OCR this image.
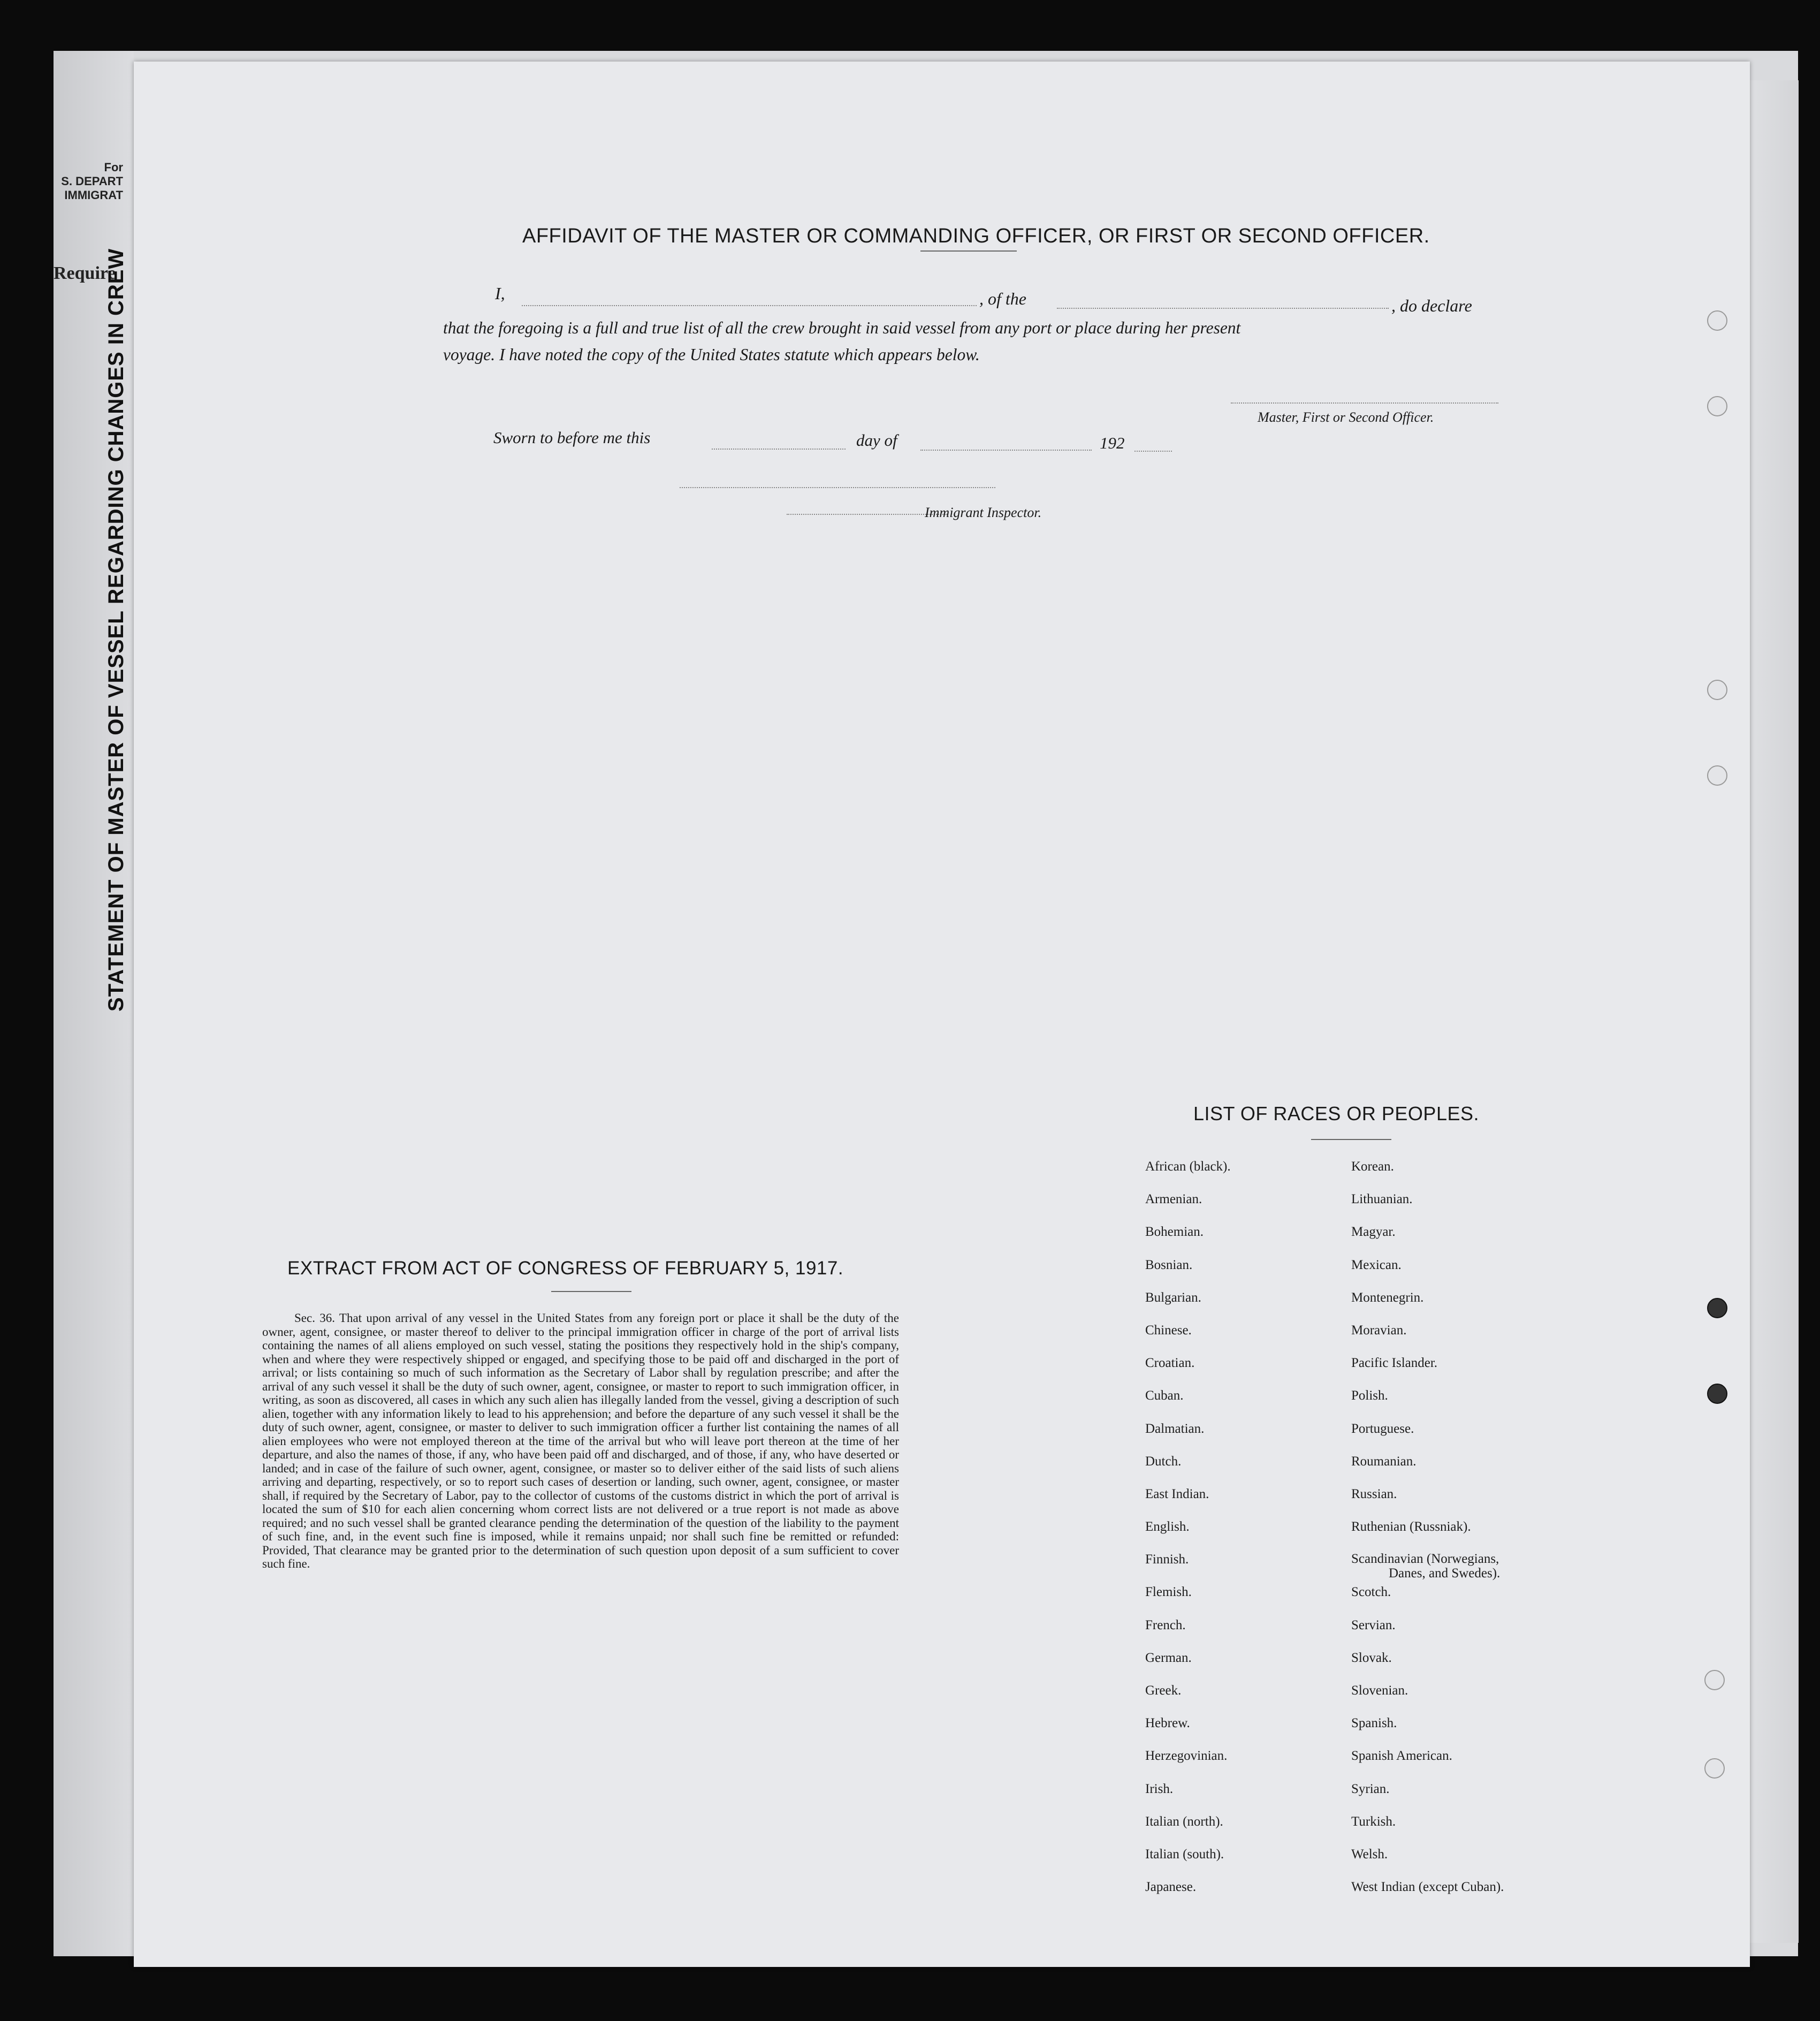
For
S. DEPART
IMMIGRAT
Require
STATEMENT OF MASTER OF VESSEL REGARDING CHANGES IN CREW
AFFIDAVIT OF THE MASTER OR COMMANDING OFFICER, OR FIRST OR SECOND OFFICER.
I,	, of the	, do declare
that the foregoing is a full and true list of all the crew brought in said vessel from any port or place during her present
voyage. I have noted the copy of the United States statute which appears below.
Master, First or Second Officer.
Sworn to before me this	day of	192
Immigrant Inspector.
EXTRACT FROM ACT OF CONGRESS OF FEBRUARY 5, 1917.

Sec. 36. That upon arrival of any vessel in the United States from any foreign port or place it shall be the duty of the owner, agent, consignee, or master thereof to deliver to the principal immigration officer in charge of the port of arrival lists containing the names of all aliens employed on such vessel, stating the positions they respectively hold in the ship's company, when and where they were respectively shipped or engaged, and specifying those to be paid off and discharged in the port of arrival; or lists containing so much of such information as the Secretary of Labor shall by regulation prescribe; and after the arrival of any such vessel it shall be the duty of such owner, agent, consignee, or master to report to such immigration officer, in writing, as soon as discovered, all cases in which any such alien has illegally landed from the vessel, giving a description of such alien, together with any information likely to lead to his apprehension; and before the departure of any such vessel it shall be the duty of such owner, agent, consignee, or master to deliver to such immigration officer a further list containing the names of all alien employees who were not employed thereon at the time of the arrival but who will leave port thereon at the time of her departure, and also the names of those, if any, who have been paid off and discharged, and of those, if any, who have deserted or landed; and in case of the failure of such owner, agent, consignee, or master so to deliver either of the said lists of such aliens arriving and departing, respectively, or so to report such cases of desertion or landing, such owner, agent, consignee, or master shall, if required by the Secretary of Labor, pay to the collector of customs of the customs district in which the port of arrival is located the sum of $10 for each alien concerning whom correct lists are not delivered or a true report is not made as above required; and no such vessel shall be granted clearance pending the determination of the question of the liability to the payment of such fine, and, in the event such fine is imposed, while it remains unpaid; nor shall such fine be remitted or refunded: Provided, That clearance may be granted prior to the determination of such question upon deposit of a sum sufficient to cover such fine.

LIST OF RACES OR PEOPLES.
African (black).
Armenian.
Bohemian.
Bosnian.
Bulgarian.
Chinese.
Croatian.
Cuban.
Dalmatian.
Dutch.
East Indian.
English.
Finnish.
Flemish.
French.
German.
Greek.
Hebrew.
Herzegovinian.
Irish.
Italian (north).
Italian (south).
Japanese.
Korean.
Lithuanian.
Magyar.
Mexican.
Montenegrin.
Moravian.
Pacific Islander.
Polish.
Portuguese.
Roumanian.
Russian.
Ruthenian (Russniak).
Scandinavian (Norwegians,
Danes, and Swedes).
Scotch.
Servian.
Slovak.
Slovenian.
Spanish.
Spanish American.
Syrian.
Turkish.
Welsh.
West Indian (except Cuban).
